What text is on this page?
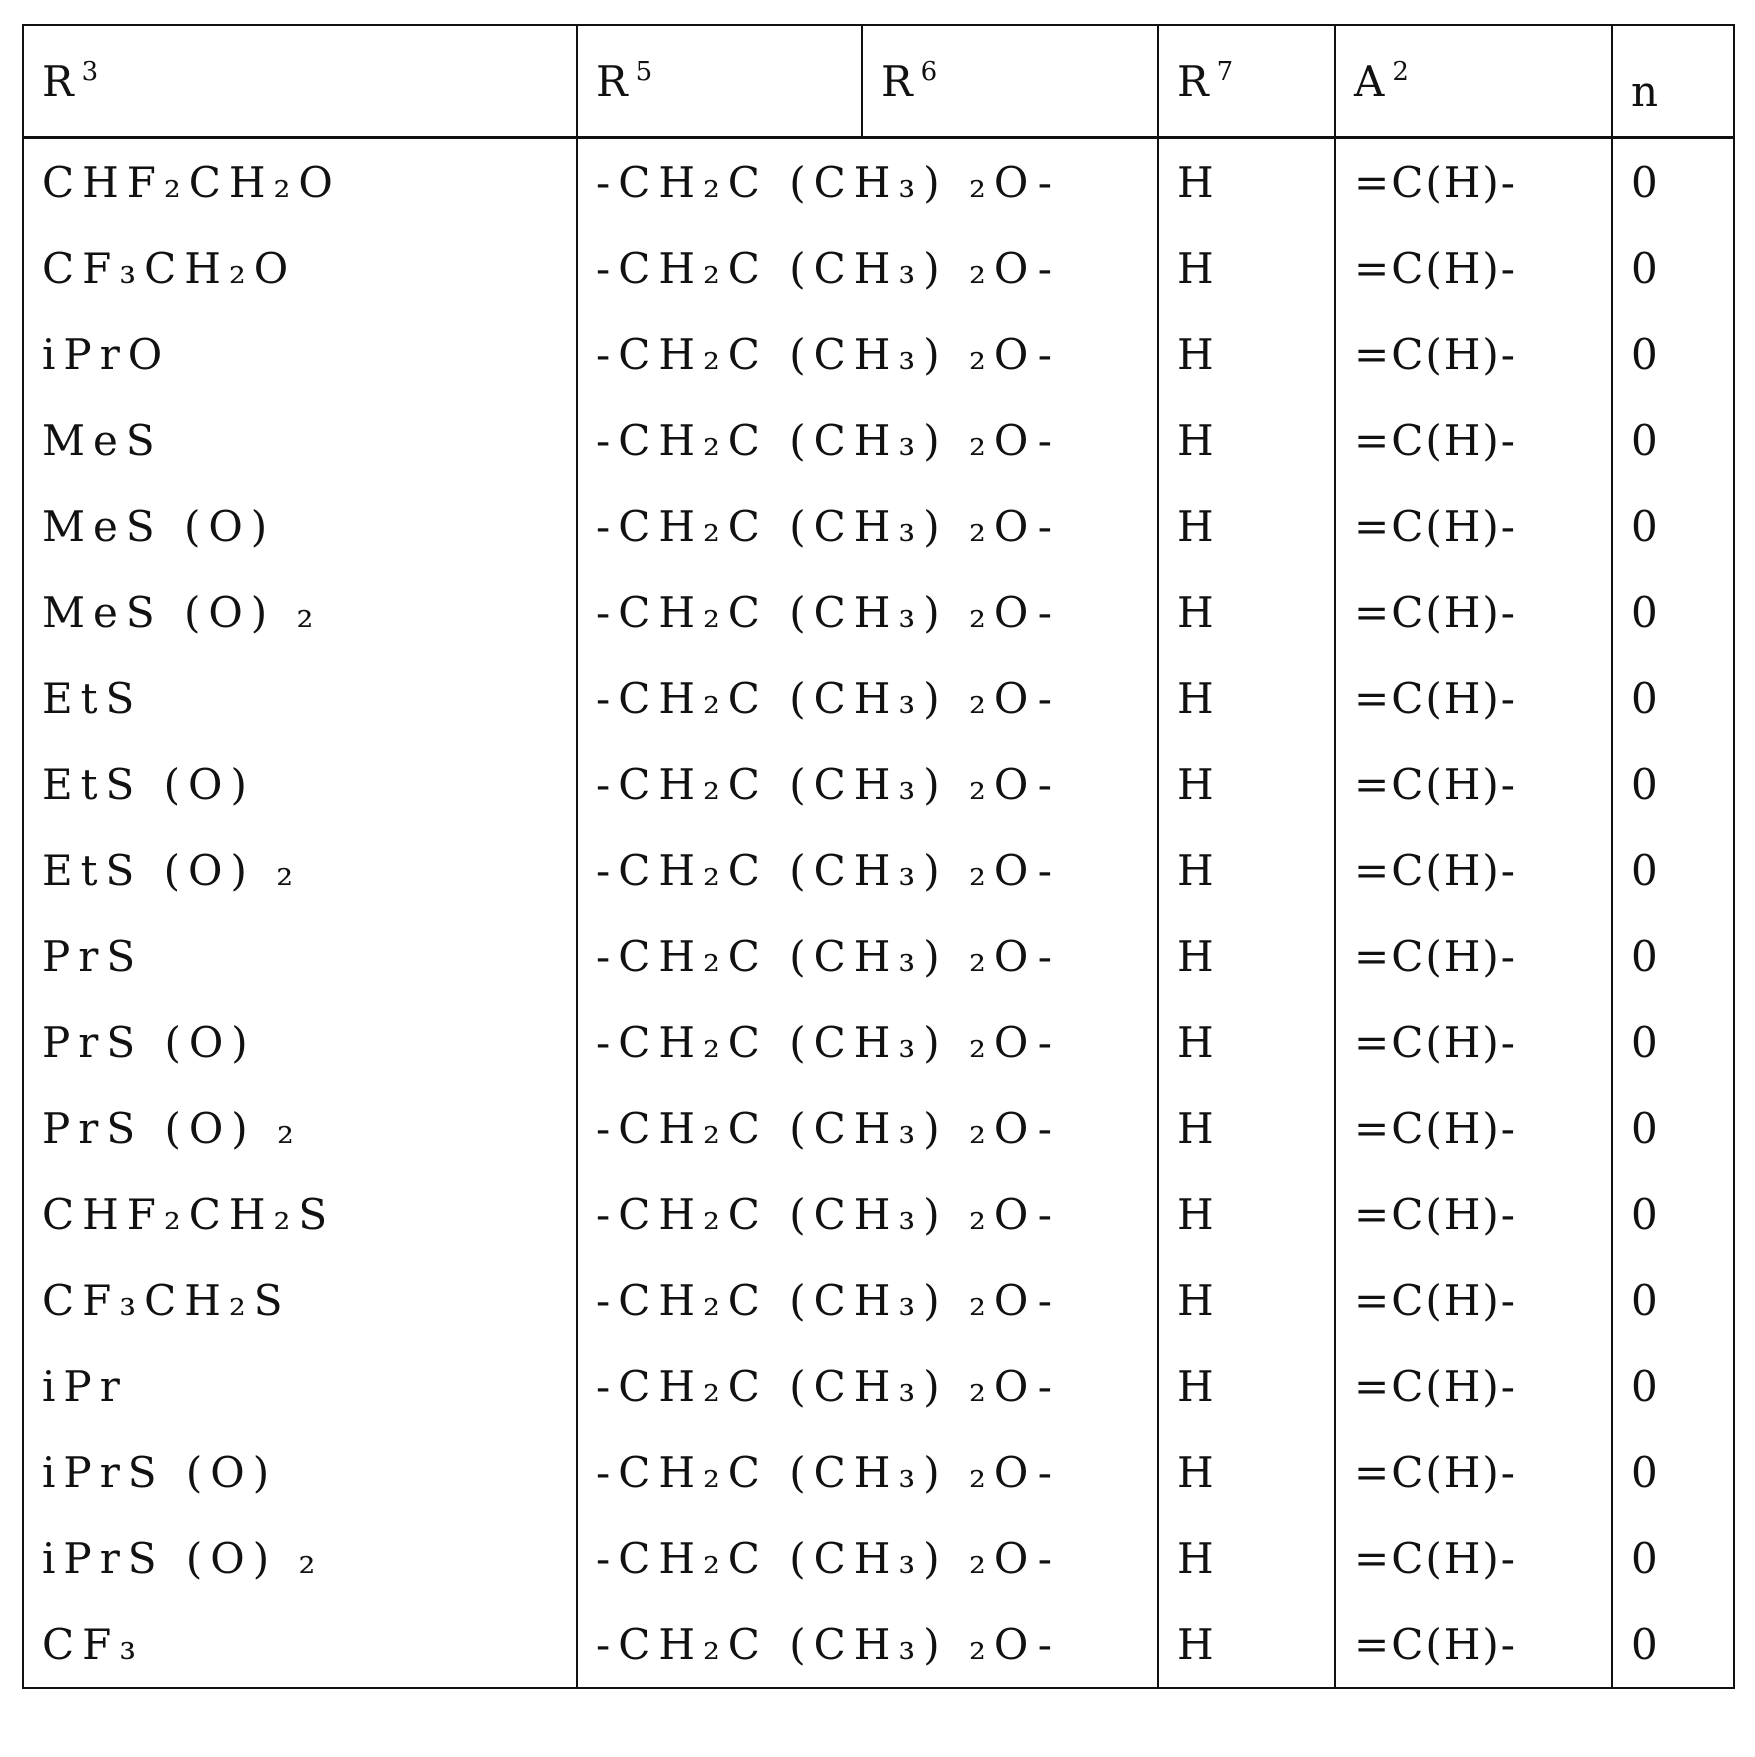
R3	R5	R6	R7	A2	n
CHF₂CH₂O	-CH₂C (CH₃) ₂O-	H	=C(H)-	0
CF₃CH₂O	-CH₂C (CH₃) ₂O-	H	=C(H)-	0
iPrO	-CH₂C (CH₃) ₂O-	H	=C(H)-	0
MeS	-CH₂C (CH₃) ₂O-	H	=C(H)-	0
MeS (O)	-CH₂C (CH₃) ₂O-	H	=C(H)-	0
MeS (O) ₂	-CH₂C (CH₃) ₂O-	H	=C(H)-	0
EtS	-CH₂C (CH₃) ₂O-	H	=C(H)-	0
EtS (O)	-CH₂C (CH₃) ₂O-	H	=C(H)-	0
EtS (O) ₂	-CH₂C (CH₃) ₂O-	H	=C(H)-	0
PrS	-CH₂C (CH₃) ₂O-	H	=C(H)-	0
PrS (O)	-CH₂C (CH₃) ₂O-	H	=C(H)-	0
PrS (O) ₂	-CH₂C (CH₃) ₂O-	H	=C(H)-	0
CHF₂CH₂S	-CH₂C (CH₃) ₂O-	H	=C(H)-	0
CF₃CH₂S	-CH₂C (CH₃) ₂O-	H	=C(H)-	0
iPr	-CH₂C (CH₃) ₂O-	H	=C(H)-	0
iPrS (O)	-CH₂C (CH₃) ₂O-	H	=C(H)-	0
iPrS (O) ₂	-CH₂C (CH₃) ₂O-	H	=C(H)-	0
CF₃	-CH₂C (CH₃) ₂O-	H	=C(H)-	0
